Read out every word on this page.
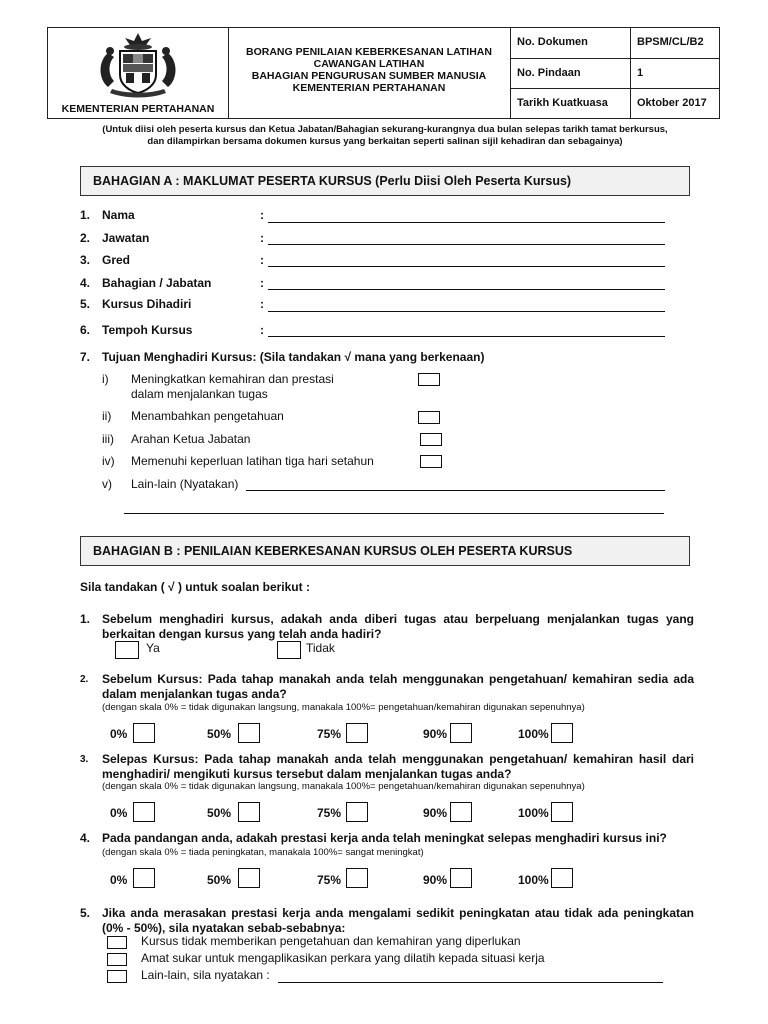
KEMENTERIAN PERTAHANAN
BORANG PENILAIAN KEBERKESANAN LATIHAN
CAWANGAN LATIHAN
BAHAGIAN PENGURUSAN SUMBER MANUSIA
KEMENTERIAN PERTAHANAN
No. Dokumen	BPSM/CL/B2
No. Pindaan	1
Tarikh Kuatkuasa	Oktober 2017
(Untuk diisi oleh peserta kursus dan Ketua Jabatan/Bahagian sekurang-kurangnya dua bulan selepas tarikh tamat berkursus,
dan dilampirkan bersama dokumen kursus yang berkaitan seperti salinan sijil kehadiran dan sebagainya)
BAHAGIAN A : MAKLUMAT PESERTA KURSUS (Perlu Diisi Oleh Peserta Kursus)
1. Nama	:
2. Jawatan	:
3. Gred	:
4. Bahagian / Jabatan	:
5. Kursus Dihadiri	:
6. Tempoh Kursus	:
7. Tujuan Menghadiri Kursus: (Sila tandakan √ mana yang berkenaan)
i) Meningkatkan kemahiran dan prestasi
dalam menjalankan tugas
ii) Menambahkan pengetahuan
iii) Arahan Ketua Jabatan
iv) Memenuhi keperluan latihan tiga hari setahun
v) Lain-lain (Nyatakan)
BAHAGIAN B : PENILAIAN KEBERKESANAN KURSUS OLEH PESERTA KURSUS
Sila tandakan ( √ ) untuk soalan berikut :
1. Sebelum menghadiri kursus, adakah anda diberi tugas atau berpeluang menjalankan tugas yang berkaitan dengan kursus yang telah anda hadiri?
Ya	Tidak
2. Sebelum Kursus: Pada tahap manakah anda telah menggunakan pengetahuan/ kemahiran sedia ada dalam menjalankan tugas anda?
(dengan skala 0% = tidak digunakan langsung, manakala 100%= pengetahuan/kemahiran digunakan sepenuhnya)
0%	50%	75%	90%	100%
3. Selepas Kursus: Pada tahap manakah anda telah menggunakan pengetahuan/ kemahiran hasil dari menghadiri/ mengikuti kursus tersebut dalam menjalankan tugas anda?
(dengan skala 0% = tidak digunakan langsung, manakala 100%= pengetahuan/kemahiran digunakan sepenuhnya)
0%	50%	75%	90%	100%
4. Pada pandangan anda, adakah prestasi kerja anda telah meningkat selepas menghadiri kursus ini?
(dengan skala 0% = tiada peningkatan, manakala 100%= sangat meningkat)
0%	50%	75%	90%	100%
5. Jika anda merasakan prestasi kerja anda mengalami sedikit peningkatan atau tidak ada peningkatan (0% - 50%), sila nyatakan sebab-sebabnya:
Kursus tidak memberikan pengetahuan dan kemahiran yang diperlukan
Amat sukar untuk mengaplikasikan perkara yang dilatih kepada situasi kerja
Lain-lain, sila nyatakan :
